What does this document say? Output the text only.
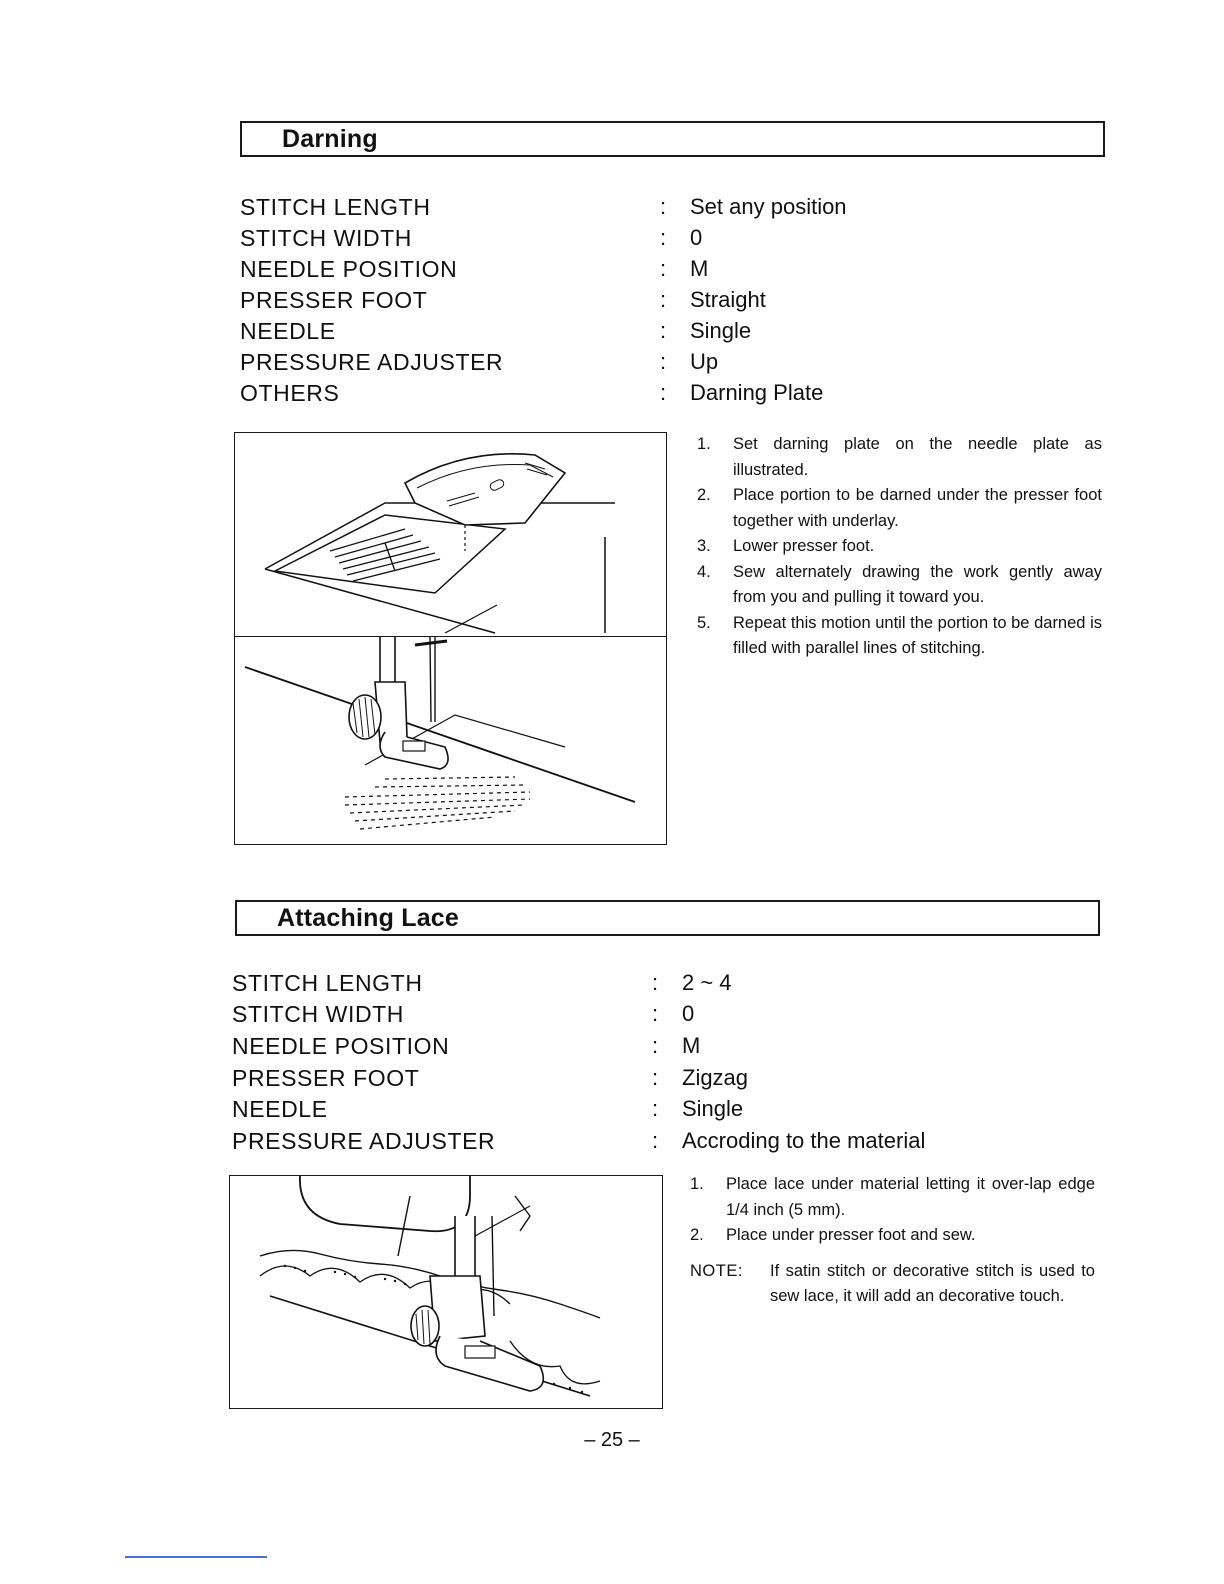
Darning
STITCH LENGTH	: Set any position
STITCH WIDTH	: 0
NEEDLE POSITION	: M
PRESSER FOOT	: Straight
NEEDLE	: Single
PRESSURE ADJUSTER	: Up
OTHERS	: Darning Plate
1. Set darning plate on the needle plate as illustrated.
2. Place portion to be darned under the presser foot together with underlay.
3. Lower presser foot.
4. Sew alternately drawing the work gently away from you and pulling it toward you.
5. Repeat this motion until the portion to be darned is filled with parallel lines of stitching.
Attaching Lace
STITCH LENGTH	: 2 ~ 4
STITCH WIDTH	: 0
NEEDLE POSITION	: M
PRESSER FOOT	: Zigzag
NEEDLE	: Single
PRESSURE ADJUSTER	: Accroding to the material
1. Place lace under material letting it over-lap edge 1/4 inch (5 mm).
2. Place under presser foot and sew.
NOTE: If satin stitch or decorative stitch is used to sew lace, it will add an decorative touch.
– 25 –
